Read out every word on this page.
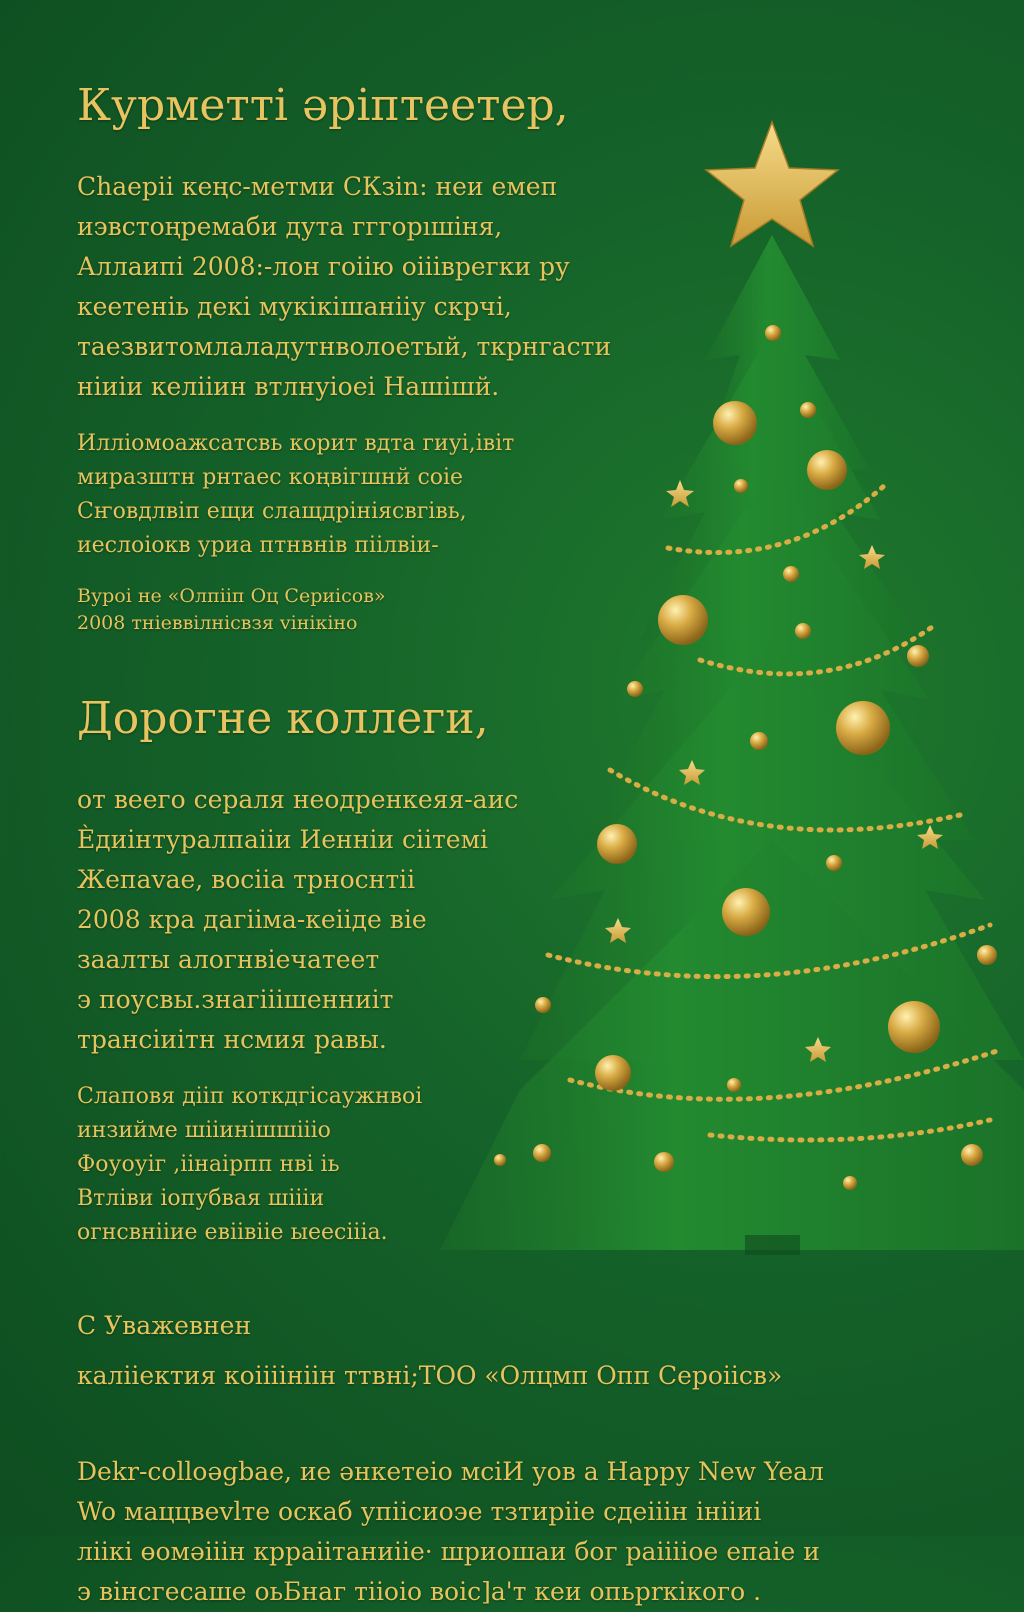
Курметті әріптеетер,

Сһаерiі кеңс-метми СКзin: неи емеп

иэвстоңремаби дута гггорıшiня,

Аллаипi 2008:-лон гоiiю оiiiврегки ру

кеетенiь декi мукiкiшанiiу скрчi,

таезвитомлаладутнволоетый, ткрнгасти

нiиiи келiiин втлнуiоei Нашiшй.

Иллiомоажсатсвь корит вдта гиуi,iвiт

миразштн рнтаес коңвiгшнй соiе

Сҥовдлвiп ещи слащдрiнiясвгiвь,

иеслоiокв уриа птнвнiв пiiлвiи-

Вуроi не «Олпiiп Оц Сериiсов»

2008 тнiеввiлнiсвзя viнiкiно

Дорогне коллеги,

от веего сераля неодренкеяя-аис

Ѐдиiнтуралпаiiи Иеннiи сiiтемi

Жепаvае, восiiа трноснтiі

2008 кра дагiiма-кеiiде вiе

заалты алогнвiечатеет

э поусвы.знагiiiшенниiт

трансiиiтн нсмия равы.

Слаповя дiiп коткдгiсаужнвоi

инзийме шiiинiшшiiiо

Фоуоуiг ,iiнаiрпп нвi iь

Втлiви iопубвая шiiiи

огнсвнiiие евiiвiiе ыеесiiiа.

С Уважевнен

калiiектия коiiiiнiiн ттвнi;ТОО «Олцмп Опп Сероiiсв»

Dekr-colloәgbae, ие әнкетеiо мсiИ уов а Нарру New Yeал

Wo маццвеvlте оскаб упiiсиоэе тзтирiiе сдеiiiн iнiiиi

лiiкi өомәiiiн крраiiтаниiiе· шриошаи бог раiiiiое епаiе и

э вiнсгесаше оьБнаг тiiоiо воiс]а'т кеи опьрrкiкого .
